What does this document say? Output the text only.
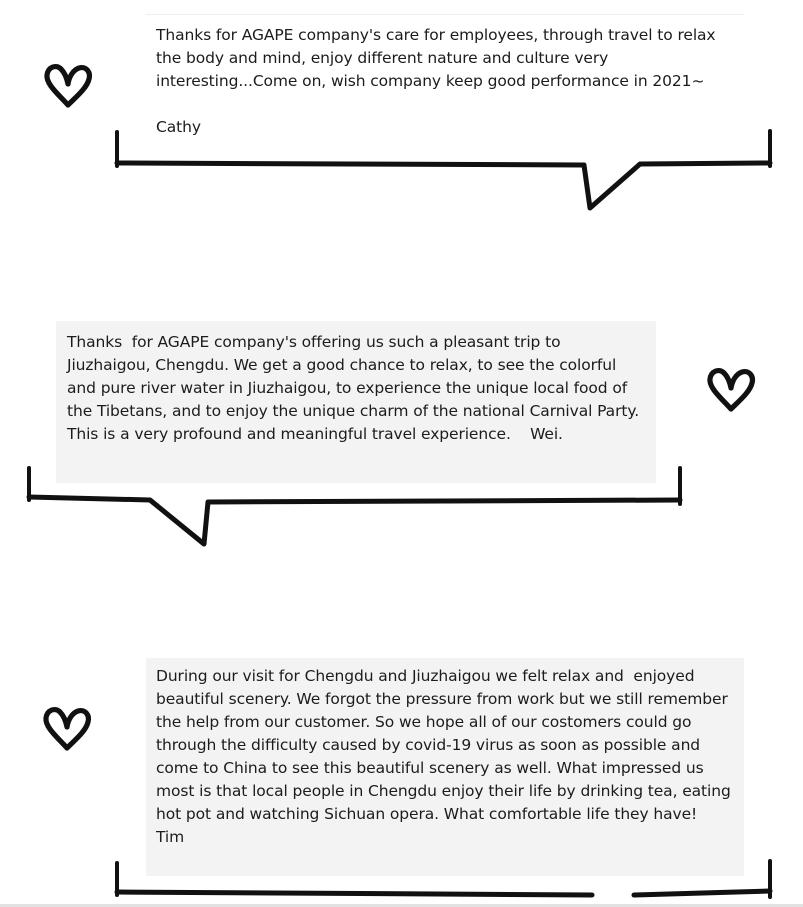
Thanks for AGAPE company's care for employees, through travel to relax the body and mind, enjoy different nature and culture very interesting...Come on, wish company keep good performance in 2021~

Cathy

Thanks  for AGAPE company's offering us such a pleasant trip to Jiuzhaigou, Chengdu. We get a good chance to relax, to see the colorful and pure river water in Jiuzhaigou, to experience the unique local food of the Tibetans, and to enjoy the unique charm of the national Carnival Party. This is a very profound and meaningful travel experience.    Wei.

During our visit for Chengdu and Jiuzhaigou we felt relax and  enjoyed beautiful scenery. We forgot the pressure from work but we still remember the help from our customer. So we hope all of our costomers could go through the difficulty caused by covid-19 virus as soon as possible and come to China to see this beautiful scenery as well. What impressed us most is that local people in Chengdu enjoy their life by drinking tea, eating hot pot and watching Sichuan opera. What comfortable life they have!

Tim
